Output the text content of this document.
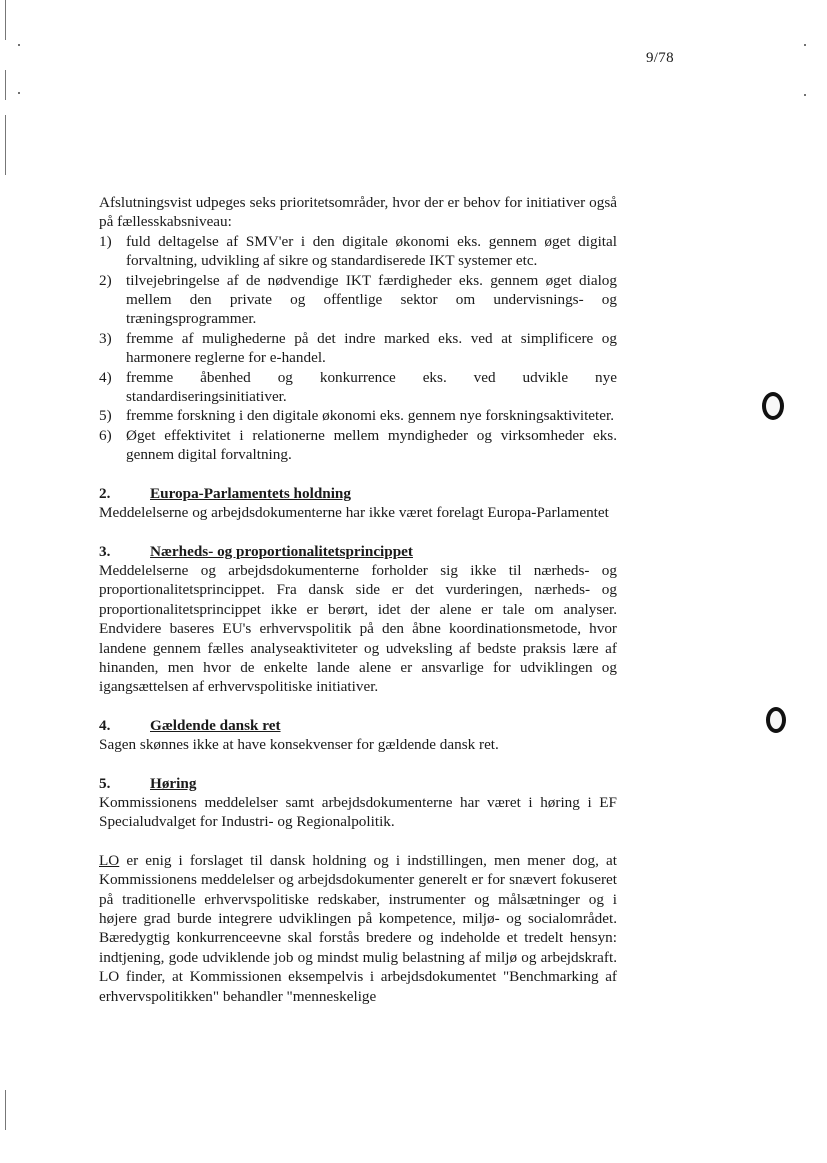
9/78

Afslutningsvist udpeges seks prioritetsområder, hvor der er behov for initiativer også på fællesskabsniveau:

1) fuld deltagelse af SMV'er i den digitale økonomi eks. gennem øget digital forvaltning, udvikling af sikre og standardiserede IKT systemer etc.
2) tilvejebringelse af de nødvendige IKT færdigheder eks. gennem øget dialog mellem den private og offentlige sektor om undervisnings- og træningsprogrammer.
3) fremme af mulighederne på det indre marked eks. ved at simplificere og harmonere reglerne for e-handel.
4) fremme åbenhed og konkurrence eks. ved udvikle nye standardiseringsinitiativer.
5) fremme forskning i den digitale økonomi eks. gennem nye forskningsaktiviteter.
6) Øget effektivitet i relationerne mellem myndigheder og virksomheder eks. gennem digital forvaltning.

2.	Europa-Parlamentets holdning

Meddelelserne og arbejdsdokumenterne har ikke været forelagt Europa-Parlamentet

3.	Nærheds- og proportionalitetsprincippet

Meddelelserne og arbejdsdokumenterne forholder sig ikke til nærheds- og proportionalitetsprincippet. Fra dansk side er det vurderingen, nærheds- og proportionalitetsprincippet ikke er berørt, idet der alene er tale om analyser. Endvidere baseres EU's erhvervspolitik på den åbne koordinationsmetode, hvor landene gennem fælles analyseaktiviteter og udveksling af bedste praksis lære af hinanden, men hvor de enkelte lande alene er ansvarlige for udviklingen og igangsættelsen af erhvervspolitiske initiativer.

4.	Gældende dansk ret

Sagen skønnes ikke at have konsekvenser for gældende dansk ret.

5.	Høring

Kommissionens meddelelser samt arbejdsdokumenterne har været i høring i EF Specialudvalget for Industri- og Regionalpolitik.

LO er enig i forslaget til dansk holdning og i indstillingen, men mener dog, at Kommissionens meddelelser og arbejdsdokumenter generelt er for snævert fokuseret på traditionelle erhvervspolitiske redskaber, instrumenter og målsætninger og i højere grad burde integrere udviklingen på kompetence, miljø- og socialområdet. Bæredygtig konkurrenceevne skal forstås bredere og indeholde et tredelt hensyn: indtjening, gode udviklende job og mindst mulig belastning af miljø og arbejdskraft. LO finder, at Kommissionen eksempelvis i arbejdsdokumentet "Benchmarking af erhvervspolitikken" behandler "menneskelige
